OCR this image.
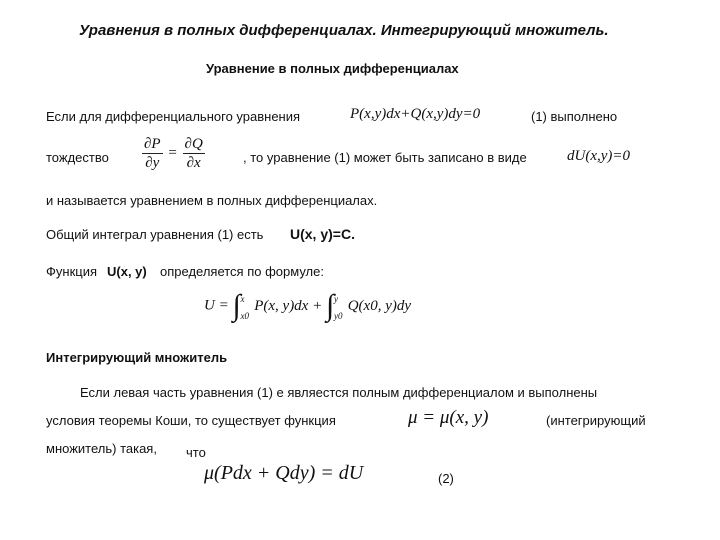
Уравнения в полных дифференциалах. Интегрирующий множитель.
Уравнение в полных дифференциалах
Если для дифференциального уравнения	P(x,y)dx+Q(x,y)dy=0	(1) выполнено
тождество $\frac{\partial P}{\partial y} = \frac{\partial Q}{\partial x}$	, то уравнение (1) может быть записано в виде	dU(x,y)=0
и называется уравнением в полных дифференциалах.
Общий интеграл уравнения (1) есть U(x, y)=C.
Функция U(x, y) определяется по формуле:
U = ∫ x
x0
P(x, y)dx + ∫ y
y0
Q(x0, y)dy
Интегрирующий множитель
Если левая часть уравнения (1) е являестся полным дифференциалом и выполнены
условия теоремы Коши, то существует функция	μ = μ(x, y)	(интегрирующий
множитель) такая, что
μ(Pdx + Qdy) = dU	(2)
